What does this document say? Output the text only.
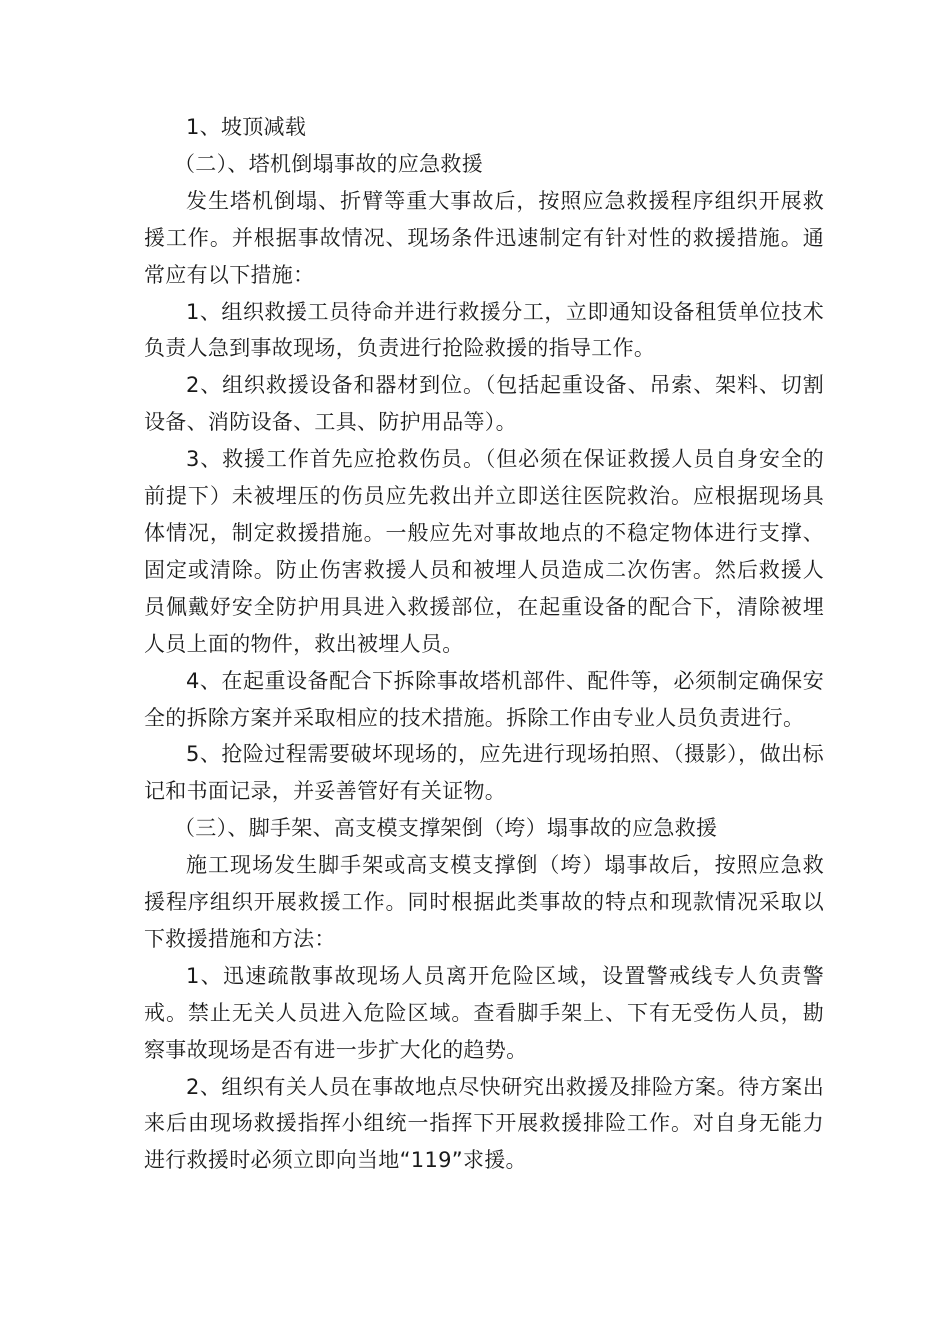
1、坡顶减载

（二）、塔机倒塌事故的应急救援

发生塔机倒塌、折臂等重大事故后，按照应急救援程序组织开展救援工作。并根据事故情况、现场条件迅速制定有针对性的救援措施。通常应有以下措施：

1、组织救援工员待命并进行救援分工，立即通知设备租赁单位技术负责人急到事故现场，负责进行抢险救援的指导工作。

2、组织救援设备和器材到位。（包括起重设备、吊索、架料、切割设备、消防设备、工具、防护用品等）。

3、救援工作首先应抢救伤员。（但必须在保证救援人员自身安全的前提下）未被埋压的伤员应先救出并立即送往医院救治。应根据现场具体情况，制定救援措施。一般应先对事故地点的不稳定物体进行支撑、固定或清除。防止伤害救援人员和被埋人员造成二次伤害。然后救援人员佩戴妤安全防护用具进入救援部位，在起重设备的配合下，清除被埋人员上面的物件，救出被埋人员。

4、在起重设备配合下拆除事故塔机部件、配件等，必须制定确保安全的拆除方案并采取相应的技术措施。拆除工作由专业人员负责进行。

5、抢险过程需要破坏现场的，应先进行现场拍照、（摄影），做出标记和书面记录，并妥善管好有关证物。

（三）、脚手架、高支模支撑架倒（垮）塌事故的应急救援

施工现场发生脚手架或高支模支撑倒（垮）塌事故后，按照应急救援程序组织开展救援工作。同时根据此类事故的特点和现款情况采取以下救援措施和方法：

1、迅速疏散事故现场人员离开危险区域，设置警戒线专人负责警戒。禁止无关人员进入危险区域。查看脚手架上、下有无受伤人员，勘察事故现场是否有进一步扩大化的趋势。

2、组织有关人员在事故地点尽快研究出救援及排险方案。待方案出来后由现场救援指挥小组统一指挥下开展救援排险工作。对自身无能力进行救援时必须立即向当地“119”求援。
